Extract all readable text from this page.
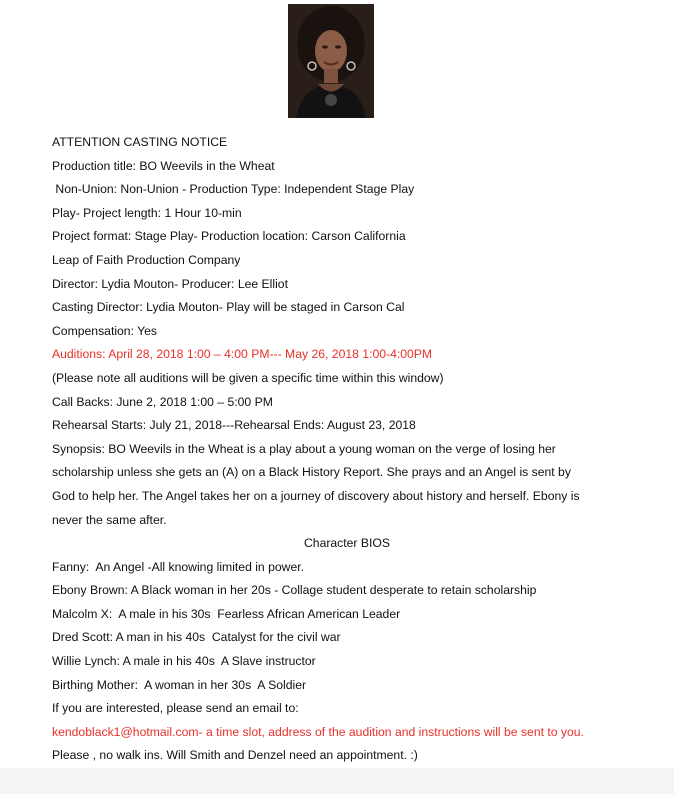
ATTENTION CASTING NOTICE
Production title: BO Weevils in the Wheat
Non-Union: Non-Union - Production Type: Independent Stage Play
Play- Project length: 1 Hour 10-min
Project format: Stage Play- Production location: Carson California
Leap of Faith Production Company
Director: Lydia Mouton- Producer: Lee Elliot
Casting Director: Lydia Mouton- Play will be staged in Carson Cal
Compensation: Yes
Auditions: April 28, 2018 1:00 – 4:00 PM--- May 26, 2018 1:00-4:00PM
(Please note all auditions will be given a specific time within this window)
Call Backs: June 2, 2018 1:00 – 5:00 PM
Rehearsal Starts: July 21, 2018---Rehearsal Ends: August 23, 2018
Synopsis: BO Weevils in the Wheat is a play about a young woman on the verge of losing her
scholarship unless she gets an (A) on a Black History Report. She prays and an Angel is sent by
God to help her. The Angel takes her on a journey of discovery about history and herself. Ebony is
never the same after.
Character BIOS
Fanny:  An Angel -All knowing limited in power.
Ebony Brown: A Black woman in her 20s - Collage student desperate to retain scholarship
Malcolm X:  A male in his 30s  Fearless African American Leader
Dred Scott: A man in his 40s  Catalyst for the civil war
Willie Lynch: A male in his 40s  A Slave instructor
Birthing Mother:  A woman in her 30s  A Soldier
If you are interested, please send an email to:
kendoblack1@hotmail.com- a time slot, address of the audition and instructions will be sent to you.
Please , no walk ins. Will Smith and Denzel need an appointment. :)
